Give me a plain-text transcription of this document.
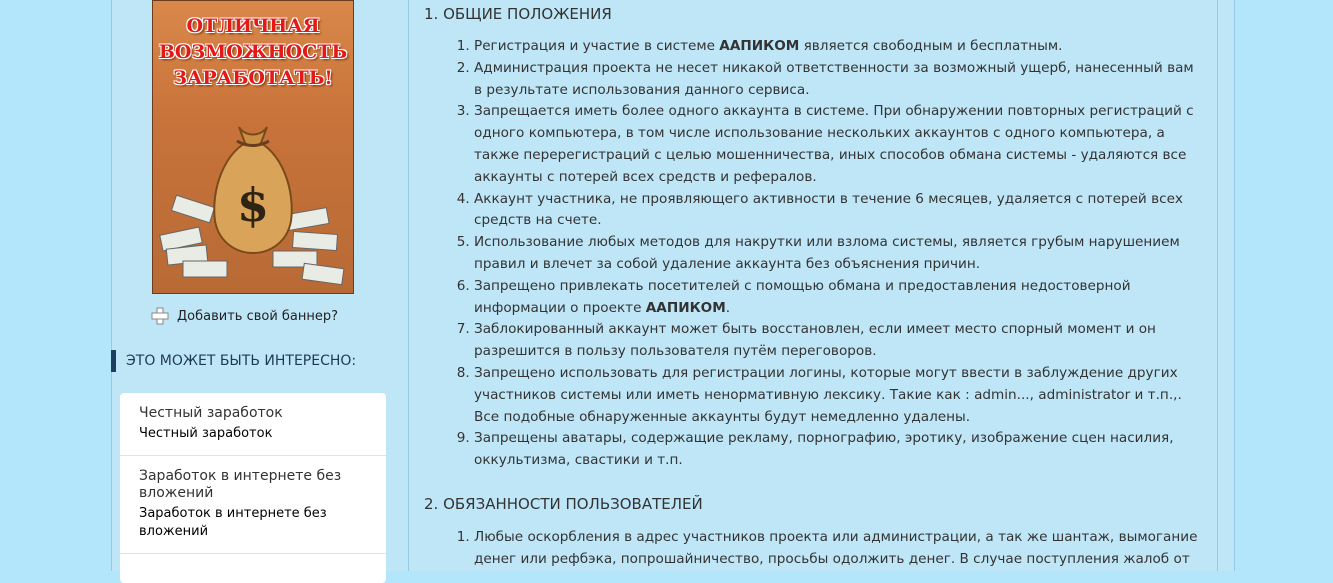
ОТЛИЧНАЯ
ВОЗМОЖНОСТЬ
ЗАРАБОТАТЬ!
$
Добавить свой баннер?
ЭТО МОЖЕТ БЫТЬ ИНТЕРЕСНО:
Честный заработок
Честный заработок
Заработок в интернете без вложений
Заработок в интернете без вложений
1. ОБЩИЕ ПОЛОЖЕНИЯ
1. Регистрация и участие в системе ААПИКОМ является свободным и бесплатным.
2. Администрация проекта не несет никакой ответственности за возможный ущерб, нанесенный вам в результате использования данного сервиса.
3. Запрещается иметь более одного аккаунта в системе. При обнаружении повторных регистраций с одного компьютера, в том числе использование нескольких аккаунтов с одного компьютера, а также перерегистраций с целью мошенничества, иных способов обмана системы - удаляются все аккаунты с потерей всех средств и рефералов.
4. Аккаунт участника, не проявляющего активности в течение 6 месяцев, удаляется с потерей всех средств на счете.
5. Использование любых методов для накрутки или взлома системы, является грубым нарушением правил и влечет за собой удаление аккаунта без объяснения причин.
6. Запрещено привлекать посетителей с помощью обмана и предоставления недостоверной информации о проекте ААПИКОМ.
7. Заблокированный аккаунт может быть восстановлен, если имеет место спорный момент и он разрешится в пользу пользователя путём переговоров.
8. Запрещено использовать для регистрации логины, которые могут ввести в заблуждение других участников системы или иметь ненормативную лексику. Такие как : admin..., administrator и т.п.,. Все подобные обнаруженные аккаунты будут немедленно удалены.
9. Запрещены аватары, содержащие рекламу, порнографию, эротику, изображение сцен насилия, оккультизма, свастики и т.п.
2. ОБЯЗАННОСТИ ПОЛЬЗОВАТЕЛЕЙ
1. Любые оскорбления в адрес участников проекта или администрации, а так же шантаж, вымогание денег или рефбэка, попрошайничество, просьбы одолжить денег. В случае поступления жалоб от
